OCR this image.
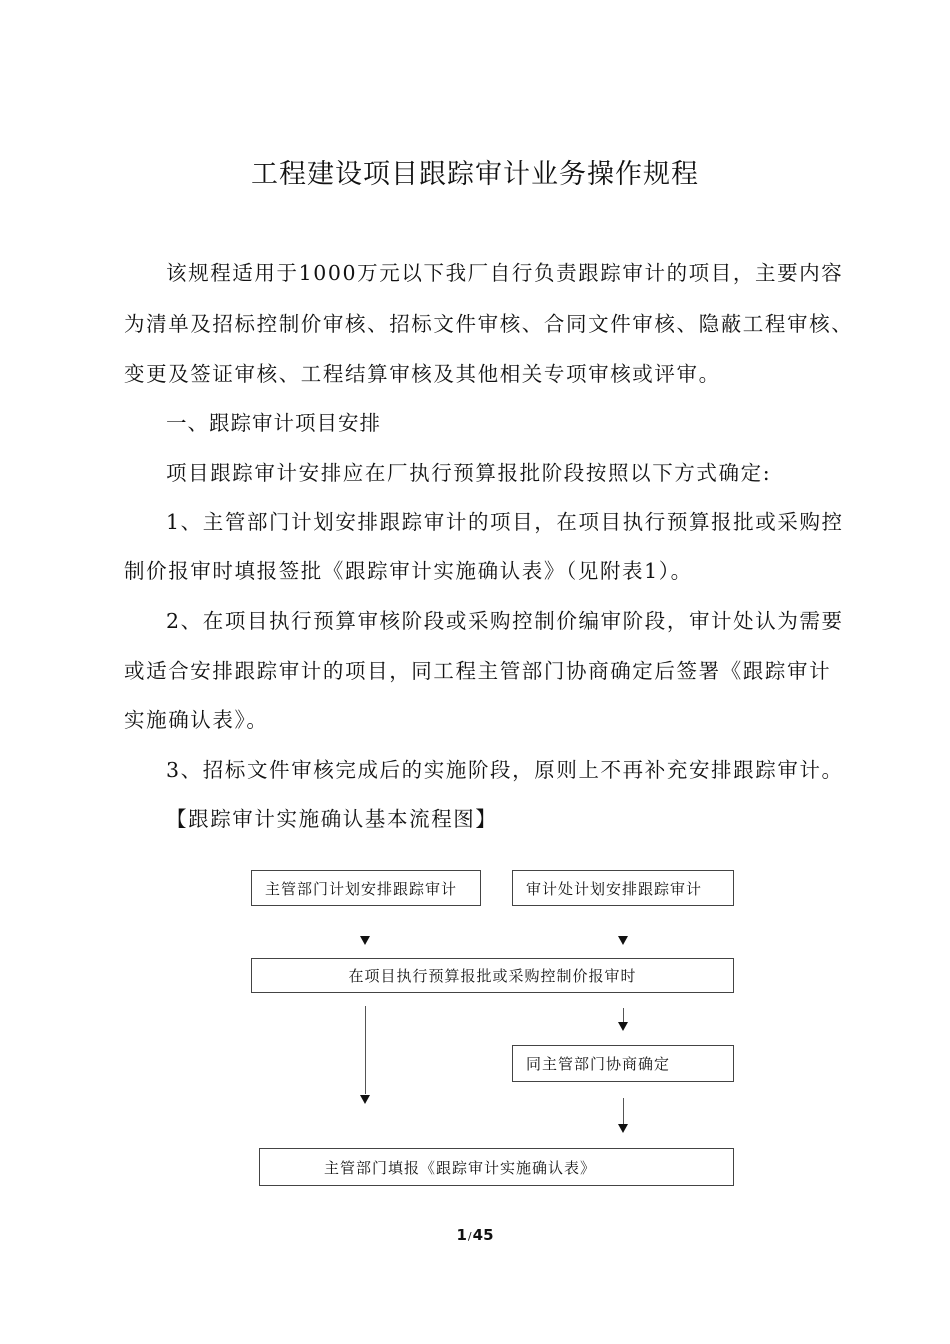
工程建设项目跟踪审计业务操作规程
该规程适用于1000万元以下我厂自行负责跟踪审计的项目，主要内容
为清单及招标控制价审核、招标文件审核、合同文件审核、隐蔽工程审核、
变更及签证审核、工程结算审核及其他相关专项审核或评审。
一、跟踪审计项目安排
项目跟踪审计安排应在厂执行预算报批阶段按照以下方式确定:
1、主管部门计划安排跟踪审计的项目，在项目执行预算报批或采购控
制价报审时填报签批《跟踪审计实施确认表》（见附表1）。
2、在项目执行预算审核阶段或采购控制价编审阶段，审计处认为需要
或适合安排跟踪审计的项目，同工程主管部门协商确定后签署《跟踪审计
实施确认表》。
3、招标文件审核完成后的实施阶段，原则上不再补充安排跟踪审计。
【跟踪审计实施确认基本流程图】
主管部门计划安排跟踪审计	审计处计划安排跟踪审计
在项目执行预算报批或采购控制价报审时
同主管部门协商确定
主管部门填报《跟踪审计实施确认表》
1/45
